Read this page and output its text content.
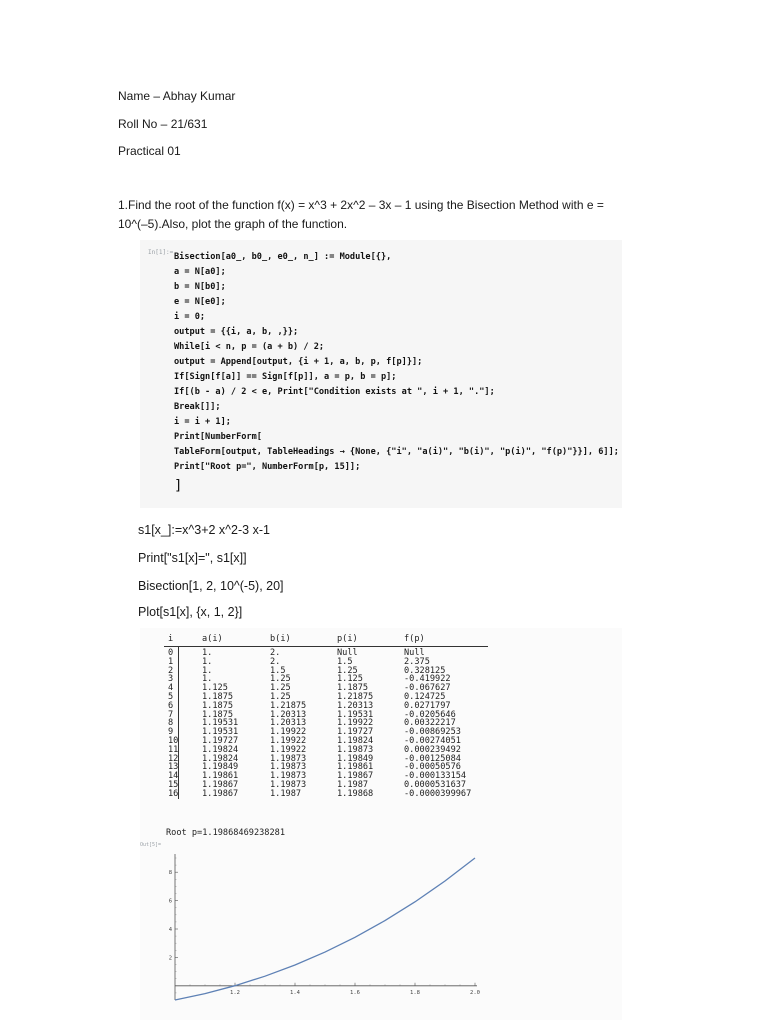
Name – Abhay Kumar
Roll No – 21/631
Practical 01
1.Find the root of the function f(x) = x^3 + 2x^2 – 3x – 1 using the Bisection Method with e = 10^(–5).Also, plot the graph of the function.
In[1]:= Bisection[a0_, b0_, e0_, n_] := Module[{},
a = N[a0];
b = N[b0];
e = N[e0];
i = 0;
output = {{i, a, b, ,}};
While[i < n, p = (a + b) / 2;
output = Append[output, {i + 1, a, b, p, f[p]}];
If[Sign[f[a]] == Sign[f[p]], a = p, b = p];
If[(b - a) / 2 < e, Print["Condition exists at ", i + 1, "."];
Break[]];
i = i + 1];
Print[NumberForm[
TableForm[output, TableHeadings → {None, {"i", "a(i)", "b(i)", "p(i)", "f(p)"}}], 6]];
Print["Root p=", NumberForm[p, 15]];
]
s1[x_]:=x^3+2 x^2-3 x-1
Print["s1[x]=", s1[x]]
Bisection[1, 2, 10^(-5), 20]
Plot[s1[x], {x, 1, 2}]
i	a(i)	b(i)	p(i)	f(p)
0	1.	2.	Null	Null
1	1.	2.	1.5	2.375
2	1.	1.5	1.25	0.328125
3	1.	1.25	1.125	-0.419922
4	1.125	1.25	1.1875	-0.067627
5	1.1875	1.25	1.21875	0.124725
6	1.1875	1.21875	1.20313	0.0271797
7	1.1875	1.20313	1.19531	-0.0205646
8	1.19531	1.20313	1.19922	0.00322217
9	1.19531	1.19922	1.19727	-0.00869253
10	1.19727	1.19922	1.19824	-0.00274051
11	1.19824	1.19922	1.19873	0.000239492
12	1.19824	1.19873	1.19849	-0.00125084
13	1.19849	1.19873	1.19861	-0.00050576
14	1.19861	1.19873	1.19867	-0.000133154
15	1.19867	1.19873	1.1987	0.0000531637
16	1.19867	1.1987	1.19868	-0.0000399967
Root p=1.19868469238281
Out[5]=
1.2	1.4	1.6	1.8	2.0
2
4
6
8
